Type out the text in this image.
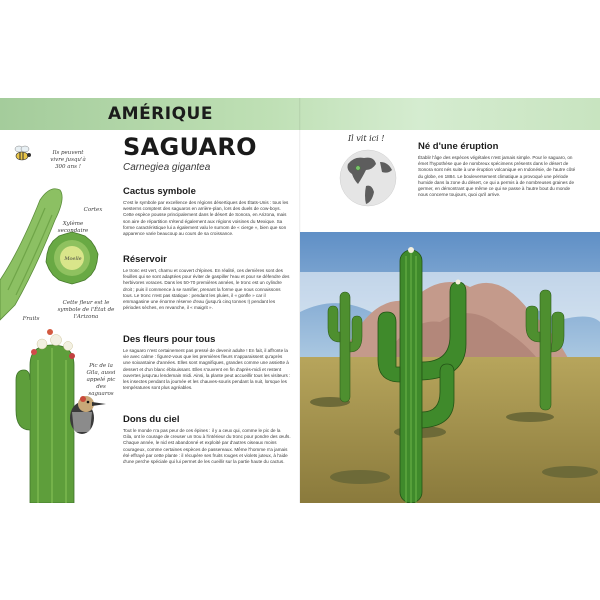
AMÉRIQUE
Ils peuvent vivre jusqu'à 300 ans !
Cortex
Xylème secondaire
Moelle
Cette fleur est le symbole de l'État de l'Arizona
Fruits
Pic de la Gila, aussi appelé pic des saguaros
SAGUARO
Carnegiea gigantea
Cactus symbole

C'est le symbole par excellence des régions désertiques des États-Unis : tous les westerns comptent des saguaros en arrière-plan, lors des duels de cow-boys. Cette espèce pousse principalement dans le désert de Sonora, en Arizona, mais son aire de répartition s'étend également aux régions voisines du Mexique. Sa forme caractéristique lui a également valu le surnom de « cierge », bien que son apparence varie beaucoup au cours de sa croissance.

Réservoir

Le tronc est vert, charnu et couvert d'épines. En réalité, ces dernières sont des feuilles qui se sont adaptées pour éviter de gaspiller l'eau et pour se défendre des herbivores voraces. Dans les 50-70 premières années, le tronc est un cylindre droit ; puis il commence à se ramifier, prenant la forme que nous connaissons tous. Le tronc n'est pas statique : pendant les pluies, il « gonfle » car il emmagasine une énorme réserve d'eau (jusqu'à cinq tonnes !) pendant les périodes sèches, en revanche, il « maigrit ».

Des fleurs pour tous

Le saguaro n'est certainement pas pressé de devenir adulte ! En fait, il affronte la vie avec calme : figurez-vous que les premières fleurs n'apparaissent qu'après une soixantaine d'années. Elles sont magnifiques, grandes comme une assiette à dessert et d'un blanc éblouissant. Elles s'ouvrent en fin d'après-midi et restent ouvertes jusqu'au lendemain midi. Ainsi, la plante peut accueillir tous les visiteurs : les insectes pendant la journée et les chauves-souris pendant la nuit, lorsque les températures sont plus agréables.

Dons du ciel

Tout le monde n'a pas peur de ces épines : il y a ceux qui, comme le pic de la Gila, ont le courage de creuser un trou à l'intérieur du tronc pour pondre des œufs. Chaque année, le nid est abandonné et exploité par d'autres oiseaux moins courageux, comme certaines espèces de passereaux. Même l'homme n'a jamais été effrayé par cette plante : il récupère ses fruits rouges et violets juteux, à l'aide d'une perche spéciale qui lui permet de les cueillir sur la partie haute du cactus.

Il vit ici !
Né d'une éruption

Établir l'âge des espèces végétales n'est jamais simple. Pour le saguaro, on émet l'hypothèse que de nombreux spécimens présents dans le désert de Sonora sont nés suite à une éruption volcanique en Indonésie, de l'autre côté du globe, en 1884. Le bouleversement climatique a provoqué une période humide dans la zone du désert, ce qui a permis à de nombreuses graines de germer, en démontrant que même ce qui se passe à l'autre bout du monde nous concerne toujours, quoi qu'il arrive.
